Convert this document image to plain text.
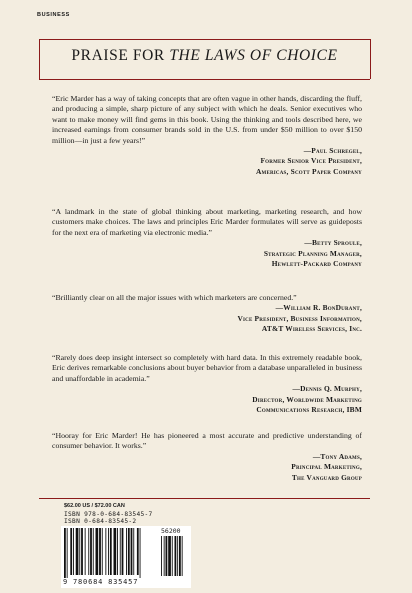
BUSINESS
PRAISE FOR THE LAWS OF CHOICE

“Eric Marder has a way of taking concepts that are often vague in other hands, discarding the fluff, and producing a simple, sharp picture of any subject with which he deals. Senior executives who want to make money will find gems in this book. Using the thinking and tools described here, we increased earnings from consumer brands sold in the U.S. from under $50 million to over $150 million—in just a few years!”

—Paul Schregel,
Former Senior Vice President,
Americas, Scott Paper Company

“A landmark in the state of global thinking about marketing, marketing research, and how customers make choices. The laws and principles Eric Marder formulates will serve as guideposts for the next era of marketing via electronic media.”

—Betty Sproule,
Strategic Planning Manager,
Hewlett-Packard Company

“Brilliantly clear on all the major issues with which marketers are concerned.”

—William R. BonDurant,
Vice President, Business Information,
AT&T Wireless Services, Inc.

“Rarely does deep insight intersect so completely with hard data. In this extremely readable book, Eric derives remarkable conclusions about buyer behavior from a database unparalleled in business and unaffordable in academia.”

—Dennis Q. Murphy,
Director, Worldwide Marketing
Communications Research, IBM

“Hooray for Eric Marder! He has pioneered a most accurate and predictive understanding of consumer behavior. It works.”

—Tony Adams,
Principal Marketing,
The Vanguard Group
$62.00 US / $72.00 CAN
ISBN 978-0-684-83545-7
ISBN 0-684-83545-2
56200
9 780684 835457
